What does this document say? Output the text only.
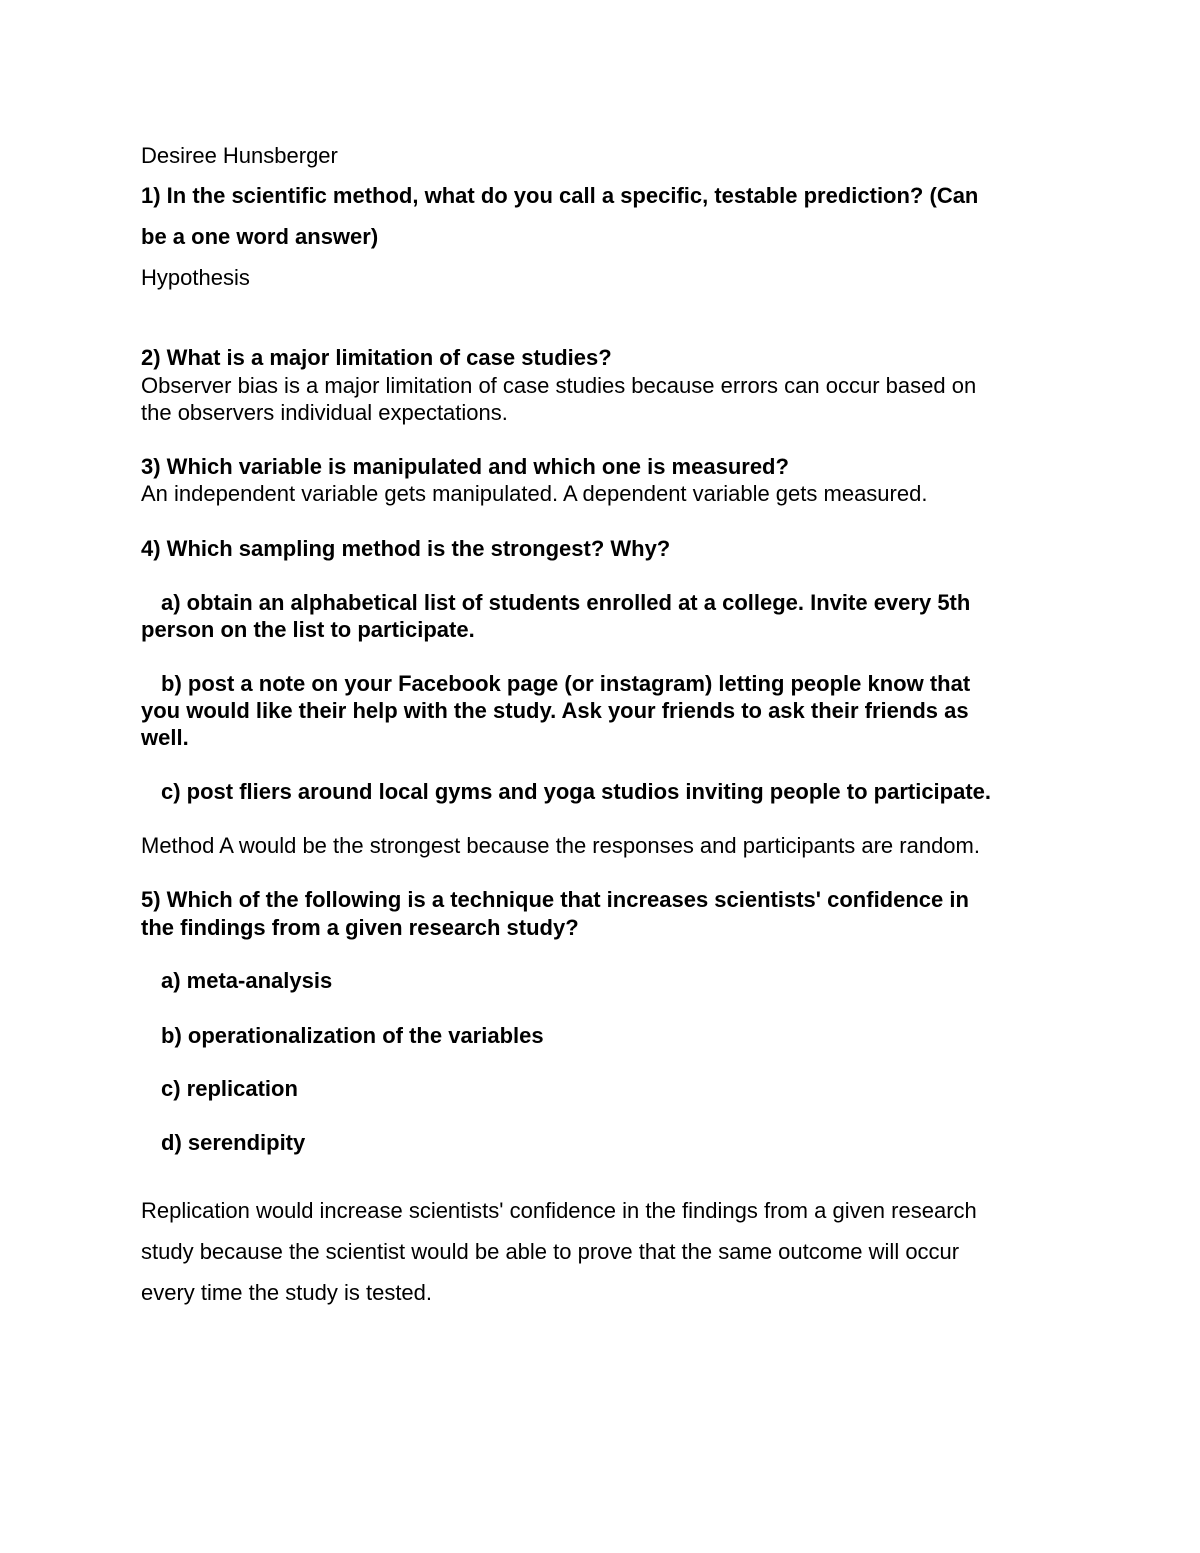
Desiree Hunsberger

1) In the scientific method, what do you call a specific, testable prediction? (Can

be a one word answer)

Hypothesis

2) What is a major limitation of case studies?

Observer bias is a major limitation of case studies because errors can occur based on

the observers individual expectations.

3) Which variable is manipulated and which one is measured?

An independent variable gets manipulated. A dependent variable gets measured.

4) Which sampling method is the strongest? Why?

a) obtain an alphabetical list of students enrolled at a college. Invite every 5th

person on the list to participate.

b) post a note on your Facebook page (or instagram) letting people know that

you would like their help with the study. Ask your friends to ask their friends as

well.

c) post fliers around local gyms and yoga studios inviting people to participate.

Method A would be the strongest because the responses and participants are random.

5) Which of the following is a technique that increases scientists' confidence in

the findings from a given research study?

a) meta-analysis

b) operationalization of the variables

c) replication

d) serendipity

Replication would increase scientists' confidence in the findings from a given research

study because the scientist would be able to prove that the same outcome will occur

every time the study is tested.
